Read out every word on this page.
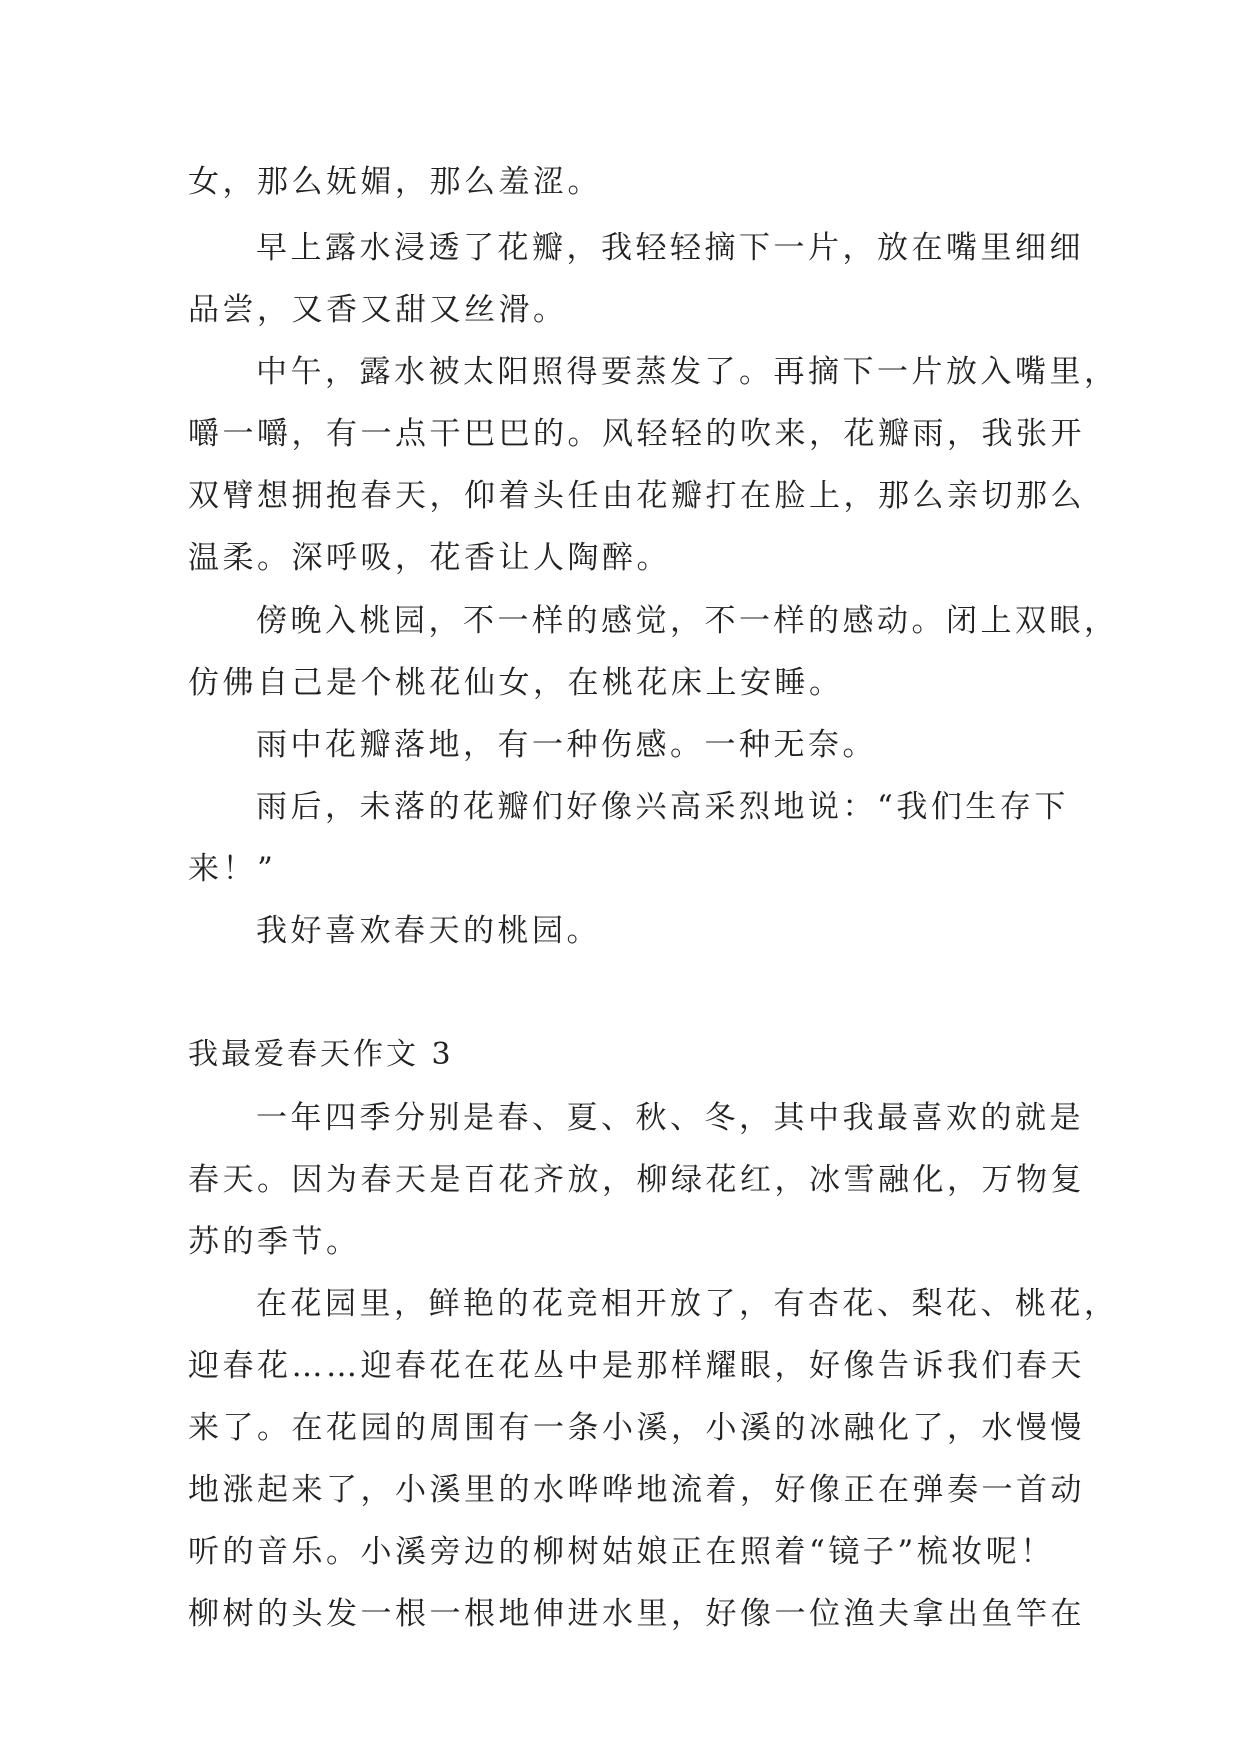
女，那么妩媚，那么羞涩。
早上露水浸透了花瓣，我轻轻摘下一片，放在嘴里细细
品尝，又香又甜又丝滑。
中午，露水被太阳照得要蒸发了。再摘下一片放入嘴里，
嚼一嚼，有一点干巴巴的。风轻轻的吹来，花瓣雨，我张开
双臂想拥抱春天，仰着头任由花瓣打在脸上，那么亲切那么
温柔。深呼吸，花香让人陶醉。
傍晚入桃园，不一样的感觉，不一样的感动。闭上双眼，
仿佛自己是个桃花仙女，在桃花床上安睡。
雨中花瓣落地，有一种伤感。一种无奈。
雨后，未落的花瓣们好像兴高采烈地说：“我们生存下
来！”
我好喜欢春天的桃园。
我最爱春天作文 3
一年四季分别是春、夏、秋、冬，其中我最喜欢的就是
春天。因为春天是百花齐放，柳绿花红，冰雪融化，万物复
苏的季节。
在花园里，鲜艳的花竞相开放了，有杏花、梨花、桃花，
迎春花……迎春花在花丛中是那样耀眼，好像告诉我们春天
来了。在花园的周围有一条小溪，小溪的冰融化了，水慢慢
地涨起来了，小溪里的水哗哗地流着，好像正在弹奏一首动
听的音乐。小溪旁边的柳树姑娘正在照着“镜子”梳妆呢！
柳树的头发一根一根地伸进水里，好像一位渔夫拿出鱼竿在
